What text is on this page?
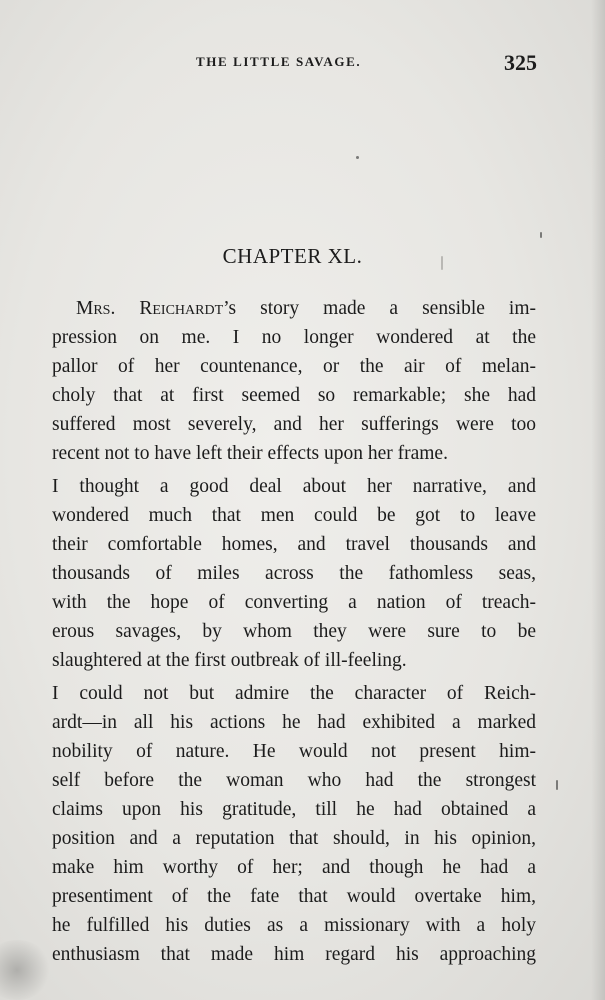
THE LITTLE SAVAGE.	325
CHAPTER XL.
Mrs. Reichardt’s story made a sensible im-
pression on me. I no longer wondered at the
pallor of her countenance, or the air of melan-
choly that at first seemed so remarkable; she had
suffered most severely, and her sufferings were too
recent not to have left their effects upon her frame.
I thought a good deal about her narrative, and
wondered much that men could be got to leave
their comfortable homes, and travel thousands and
thousands of miles across the fathomless seas,
with the hope of converting a nation of treach-
erous savages, by whom they were sure to be
slaughtered at the first outbreak of ill-feeling.
I could not but admire the character of Reich-
ardt—in all his actions he had exhibited a marked
nobility of nature. He would not present him-
self before the woman who had the strongest
claims upon his gratitude, till he had obtained a
position and a reputation that should, in his opinion,
make him worthy of her; and though he had a
presentiment of the fate that would overtake him,
he fulfilled his duties as a missionary with a holy
enthusiasm that made him regard his approaching
